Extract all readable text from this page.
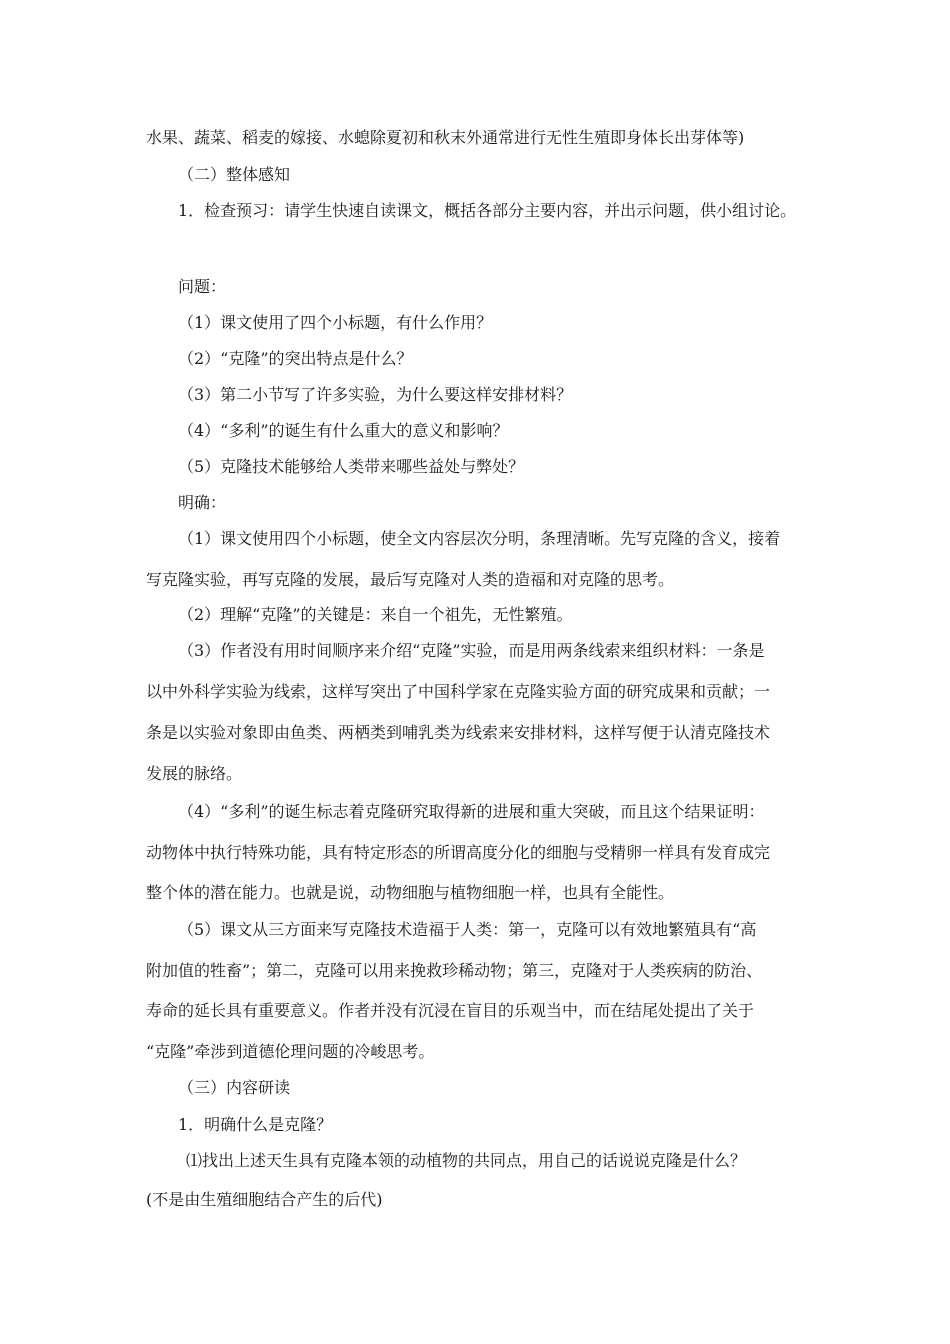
水果、蔬菜、稻麦的嫁接、水螅除夏初和秋末外通常进行无性生殖即身体长出芽体等)
（二）整体感知
1．检查预习：请学生快速自读课文，概括各部分主要内容，并出示问题，供小组讨论。
问题：
（1）课文使用了四个小标题，有什么作用？
（2）“克隆”的突出特点是什么？
（3）第二小节写了许多实验，为什么要这样安排材料？
（4）“多利”的诞生有什么重大的意义和影响？
（5）克隆技术能够给人类带来哪些益处与弊处？
明确：
（1）课文使用四个小标题，使全文内容层次分明，条理清晰。先写克隆的含义，接着
写克隆实验，再写克隆的发展，最后写克隆对人类的造福和对克隆的思考。
（2）理解“克隆”的关键是：来自一个祖先，无性繁殖。
（3）作者没有用时间顺序来介绍“克隆”实验，而是用两条线索来组织材料：一条是
以中外科学实验为线索，这样写突出了中国科学家在克隆实验方面的研究成果和贡献；一
条是以实验对象即由鱼类、两栖类到哺乳类为线索来安排材料，这样写便于认清克隆技术
发展的脉络。
（4）“多利”的诞生标志着克隆研究取得新的进展和重大突破，而且这个结果证明：
动物体中执行特殊功能，具有特定形态的所谓高度分化的细胞与受精卵一样具有发育成完
整个体的潜在能力。也就是说，动物细胞与植物细胞一样，也具有全能性。
（5）课文从三方面来写克隆技术造福于人类：第一，克隆可以有效地繁殖具有“高
附加值的牲畜”；第二，克隆可以用来挽救珍稀动物；第三，克隆对于人类疾病的防治、
寿命的延长具有重要意义。作者并没有沉浸在盲目的乐观当中，而在结尾处提出了关于
“克隆”牵涉到道德伦理问题的冷峻思考。
（三）内容研读
1．明确什么是克隆？
⑴找出上述天生具有克隆本领的动植物的共同点，用自己的话说说克隆是什么？
(不是由生殖细胞结合产生的后代)
